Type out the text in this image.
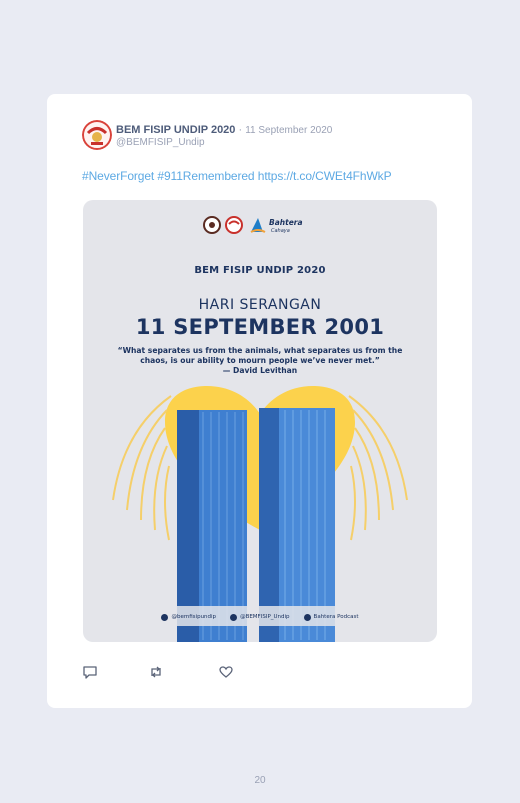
BEM FISIP UNDIP 2020 · 11 September 2020
@BEMFISIP_Undip
#NeverForget #911Remembered https://t.co/CWEt4FhWkP
Bahtera
Cahaya
BEM FISIP UNDIP 2020
HARI SERANGAN
11 SEPTEMBER 2001
“What separates us from the animals, what separates us from the chaos, is our ability to mourn people we’ve never met.”
— David Levithan
@bemfisipundip	@BEMFISIP_Undip	Bahtera Podcast
20
